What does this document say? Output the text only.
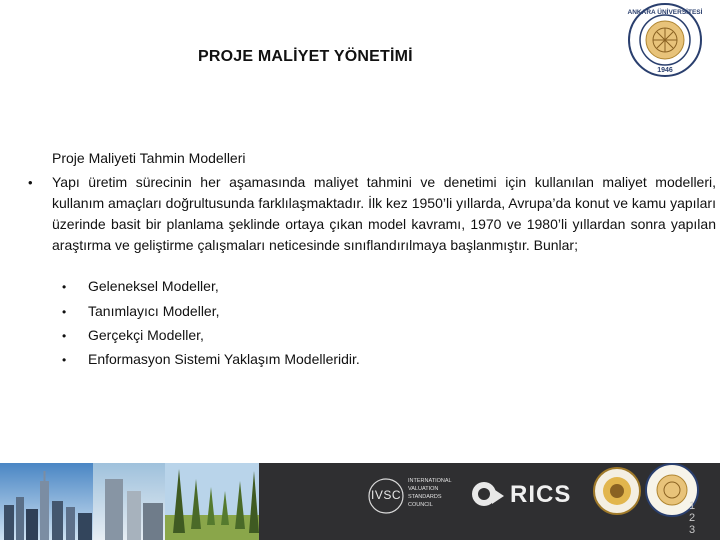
PROJE MALİYET YÖNETİMİ
ANKARA ÜNİVERSİTESİ
1946
Proje Maliyeti Tahmin Modelleri
• Yapı üretim sürecinin her aşamasında maliyet tahmini ve denetimi için kullanılan maliyet modelleri, kullanım amaçları doğrultusunda farklılaşmaktadır. İlk kez 1950’li yıllarda, Avrupa’da konut ve kamu yapıları üzerinde basit bir planlama şeklinde ortaya çıkan model kavramı, 1970 ve 1980’li yıllardan sonra yapılan araştırma ve geliştirme çalışmaları neticesinde sınıflandırılmaya başlanmıştır. Bunlar;
• Geleneksel Modeller,
• Tanımlayıcı Modeller,
• Gerçekçi Modeller,
• Enformasyon Sistemi Yaklaşım Modelleridir.
IVSC
INTERNATIONAL
VALUATION
STANDARDS
COUNCIL	RICS	123
